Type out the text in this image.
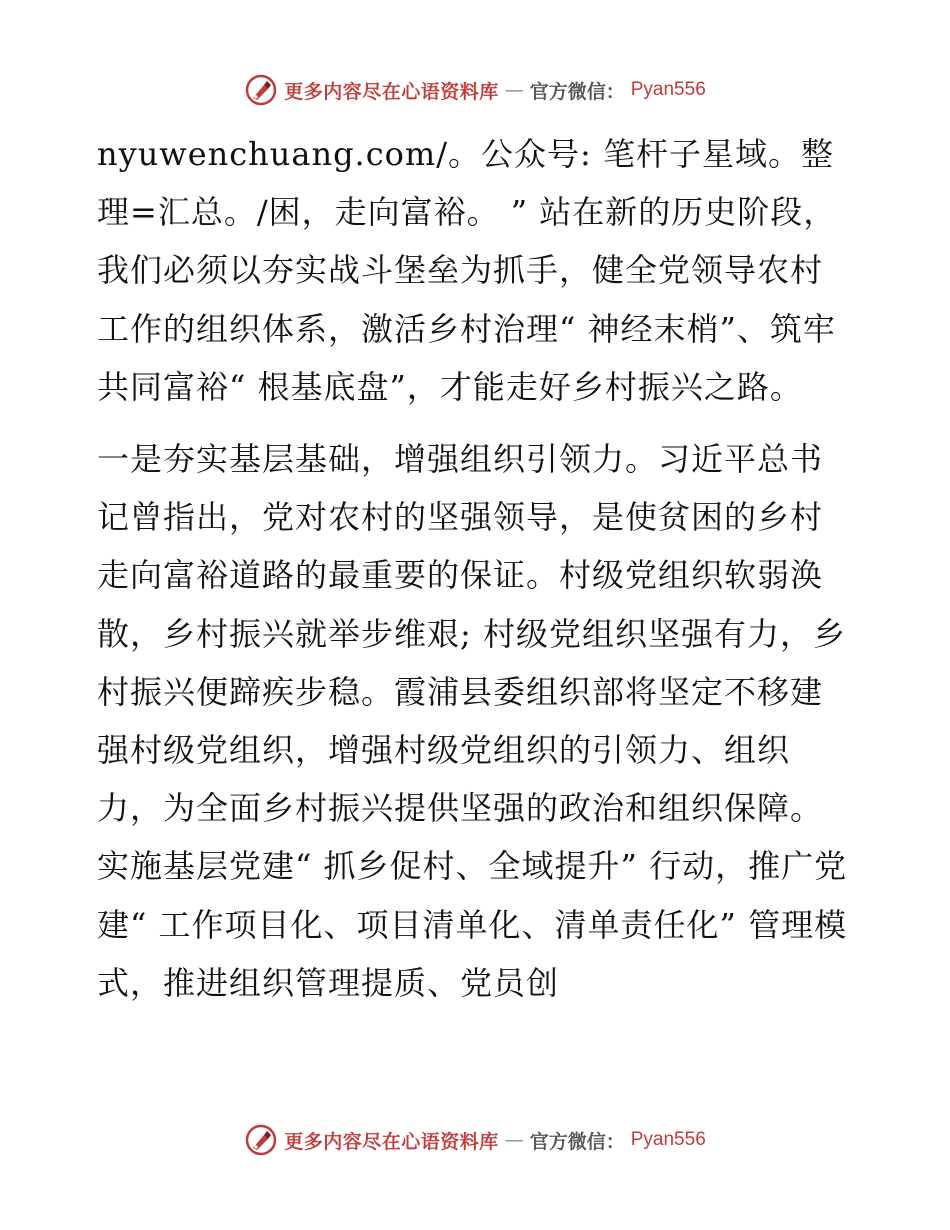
更多内容尽在心语资料库 — 官方微信： Pyan556

nyuwenchuang.com/。公众号: 笔杆子星域。整理=汇总。/困，走向富裕。 ” 站在新的历史阶段，我们必须以夯实战斗堡垒为抓手，健全党领导农村工作的组织体系，激活乡村治理“ 神经末梢”、筑牢共同富裕“ 根基底盘”，才能走好乡村振兴之路。

一是夯实基层基础，增强组织引领力。习近平总书记曾指出，党对农村的坚强领导，是使贫困的乡村走向富裕道路的最重要的保证。村级党组织软弱涣散，乡村振兴就举步维艰; 村级党组织坚强有力，乡村振兴便蹄疾步稳。霞浦县委组织部将坚定不移建强村级党组织，增强村级党组织的引领力、组织力，为全面乡村振兴提供坚强的政治和组织保障。实施基层党建“ 抓乡促村、全域提升” 行动，推广党建“ 工作项目化、项目清单化、清单责任化” 管理模式，推进组织管理提质、党员创

更多内容尽在心语资料库 — 官方微信： Pyan556
